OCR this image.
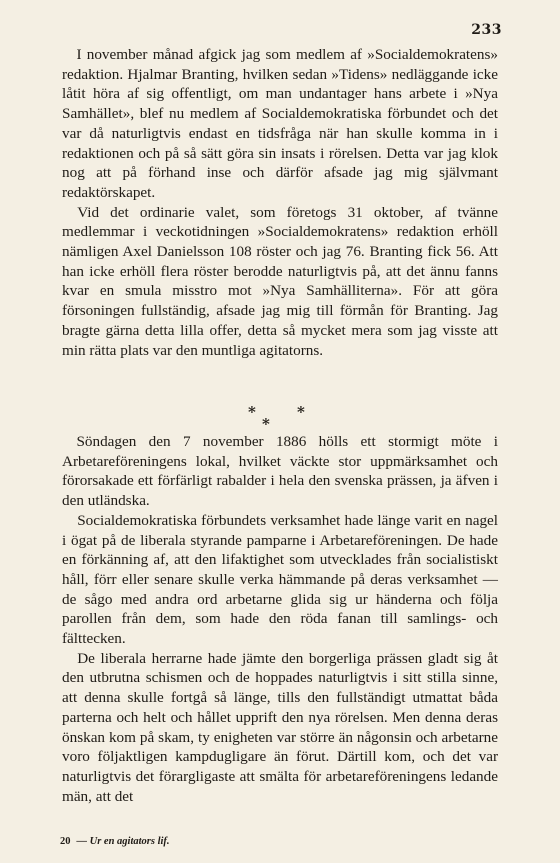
233

I november månad afgick jag som medlem af »Socialdemokratens» redaktion. Hjalmar Branting, hvilken sedan »Tidens» nedläggande icke låtit höra af sig offentligt, om man undantager hans arbete i »Nya Samhället», blef nu medlem af Socialdemokratiska förbundet och det var då naturligtvis endast en tidsfråga när han skulle komma in i redaktionen och på så sätt göra sin insats i rörelsen. Detta var jag klok nog att på förhand inse och därför afsade jag mig självmant redaktörskapet.

Vid det ordinarie valet, som företogs 31 oktober, af tvänne medlemmar i veckotidningen »Socialdemokratens» redaktion erhöll nämligen Axel Danielsson 108 röster och jag 76. Branting fick 56. Att han icke erhöll flera röster berodde naturligtvis på, att det ännu fanns kvar en smula misstro mot »Nya Samhälliterna». För att göra försoningen fullständig, afsade jag mig till förmån för Branting. Jag bragte gärna detta lilla offer, detta så mycket mera som jag visste att min rätta plats var den muntliga agitatorns.

*	*
*

Söndagen den 7 november 1886 hölls ett stormigt möte i Arbetareföreningens lokal, hvilket väckte stor uppmärksamhet och förorsakade ett förfärligt rabalder i hela den svenska prässen, ja äfven i den utländska.

Socialdemokratiska förbundets verksamhet hade länge varit en nagel i ögat på de liberala styrande pamparne i Arbetareföreningen. De hade en förkänning af, att den lifaktighet som utvecklades från socialistiskt håll, förr eller senare skulle verka hämmande på deras verksamhet — de sågo med andra ord arbetarne glida sig ur händerna och följa parollen från dem, som hade den röda fanan till samlings- och fälttecken.

De liberala herrarne hade jämte den borgerliga prässen gladt sig åt den utbrutna schismen och de hoppades naturligtvis i sitt stilla sinne, att denna skulle fortgå så länge, tills den fullständigt utmattat båda parterna och helt och hållet upprift den nya rörelsen. Men denna deras önskan kom på skam, ty enigheten var större än någonsin och arbetarne voro följaktligen kampdugligare än förut. Därtill kom, och det var naturligtvis det förargligaste att smälta för arbetareföreningens ledande män, att det

20 — Ur en agitators lif.
